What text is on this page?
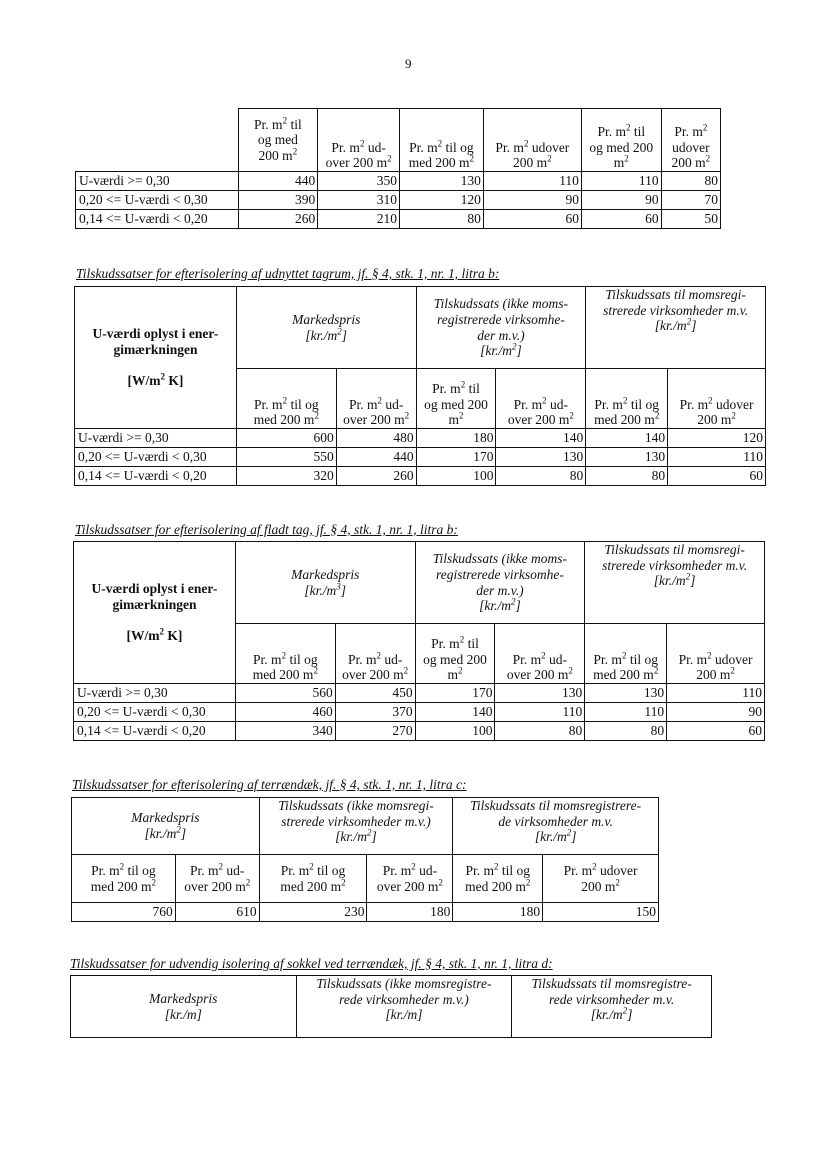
9
	Pr. $m^2$ til
og med
200 $m^2$	Pr. $m^2$ ud-
over 200 $m^2$	Pr. $m^2$ til og
med 200 $m^2$	Pr. $m^2$ udover
200 $m^2$	Pr. $m^2$ til
og med 200
$m^2$	Pr. $m^2$
udover
200 $m^2$
U-værdi >= 0,30	440	350	130	110	110	80
0,20 <= U-værdi < 0,30	390	310	120	90	90	70
0,14 <= U-værdi < 0,20	260	210	80	60	60	50
Tilskudssatser for efterisolering af udnyttet tagrum, jf. § 4, stk. 1, nr. 1, litra b:
U-værdi oplyst i ener-
gimærkningen

[$W/m^2$ K]	Markedspris
$[kr./m^2]$		Tilskudssats (ikke moms-
registrerede virksomhe-
der m.v.)
$[kr./m^2]$		Tilskudssats til momsregi-
strerede virksomheder m.v.
$[kr./m^2]$	
	Pr. $m^2$ til og
med 200 $m^2$	Pr. $m^2$ ud-
over 200 $m^2$	Pr. $m^2$ til
og med 200
$m^2$	Pr. $m^2$ ud-
over 200 $m^2$	Pr. $m^2$ til og
med 200 $m^2$	Pr. $m^2$ udover
200 $m^2$
U-værdi >= 0,30	600	480	180	140	140	120
0,20 <= U-værdi < 0,30	550	440	170	130	130	110
0,14 <= U-værdi < 0,20	320	260	100	80	80	60
Tilskudssatser for efterisolering af fladt tag, jf. § 4, stk. 1, nr. 1, litra b:
U-værdi oplyst i ener-
gimærkningen

[$W/m^2$ K]	Markedspris
$[kr./m^3]$		Tilskudssats (ikke moms-
registrerede virksomhe-
der m.v.)
$[kr./m^2]$		Tilskudssats til momsregi-
strerede virksomheder m.v.
$[kr./m^2]$	
	Pr. $m^2$ til og
med 200 $m^2$	Pr. $m^2$ ud-
over 200 $m^2$	Pr. $m^2$ til
og med 200
$m^2$	Pr. $m^2$ ud-
over 200 $m^2$	Pr. $m^2$ til og
med 200 $m^2$	Pr. $m^2$ udover
200 $m^2$
U-værdi >= 0,30	560	450	170	130	130	110
0,20 <= U-værdi < 0,30	460	370	140	110	110	90
0,14 <= U-værdi < 0,20	340	270	100	80	80	60
Tilskudssatser for efterisolering af terrændæk, jf. § 4, stk. 1, nr. 1, litra c:
Markedspris
$[kr./m^2]$		Tilskudssats (ikke momsregi-
strerede virksomheder m.v.)
$[kr./m^2]$		Tilskudssats til momsregistrere-
de virksomheder m.v.
$[kr./m^2]$	
Pr. $m^2$ til og
med 200 $m^2$	Pr. $m^2$ ud-
over 200 $m^2$	Pr. $m^2$ til og
med 200 $m^2$	Pr. $m^2$ ud-
over 200 $m^2$	Pr. $m^2$ til og
med 200 $m^2$	Pr. $m^2$ udover
200 $m^2$
760	610	230	180	180	150
Tilskudssatser for udvendig isolering af sokkel ved terrændæk, jf. § 4, stk. 1, nr. 1, litra d:
Markedspris
[kr./m]	Tilskudssats (ikke momsregistre-
rede virksomheder m.v.)
[kr./m]	Tilskudssats til momsregistre-
rede virksomheder m.v.
$[kr./m^2]$
